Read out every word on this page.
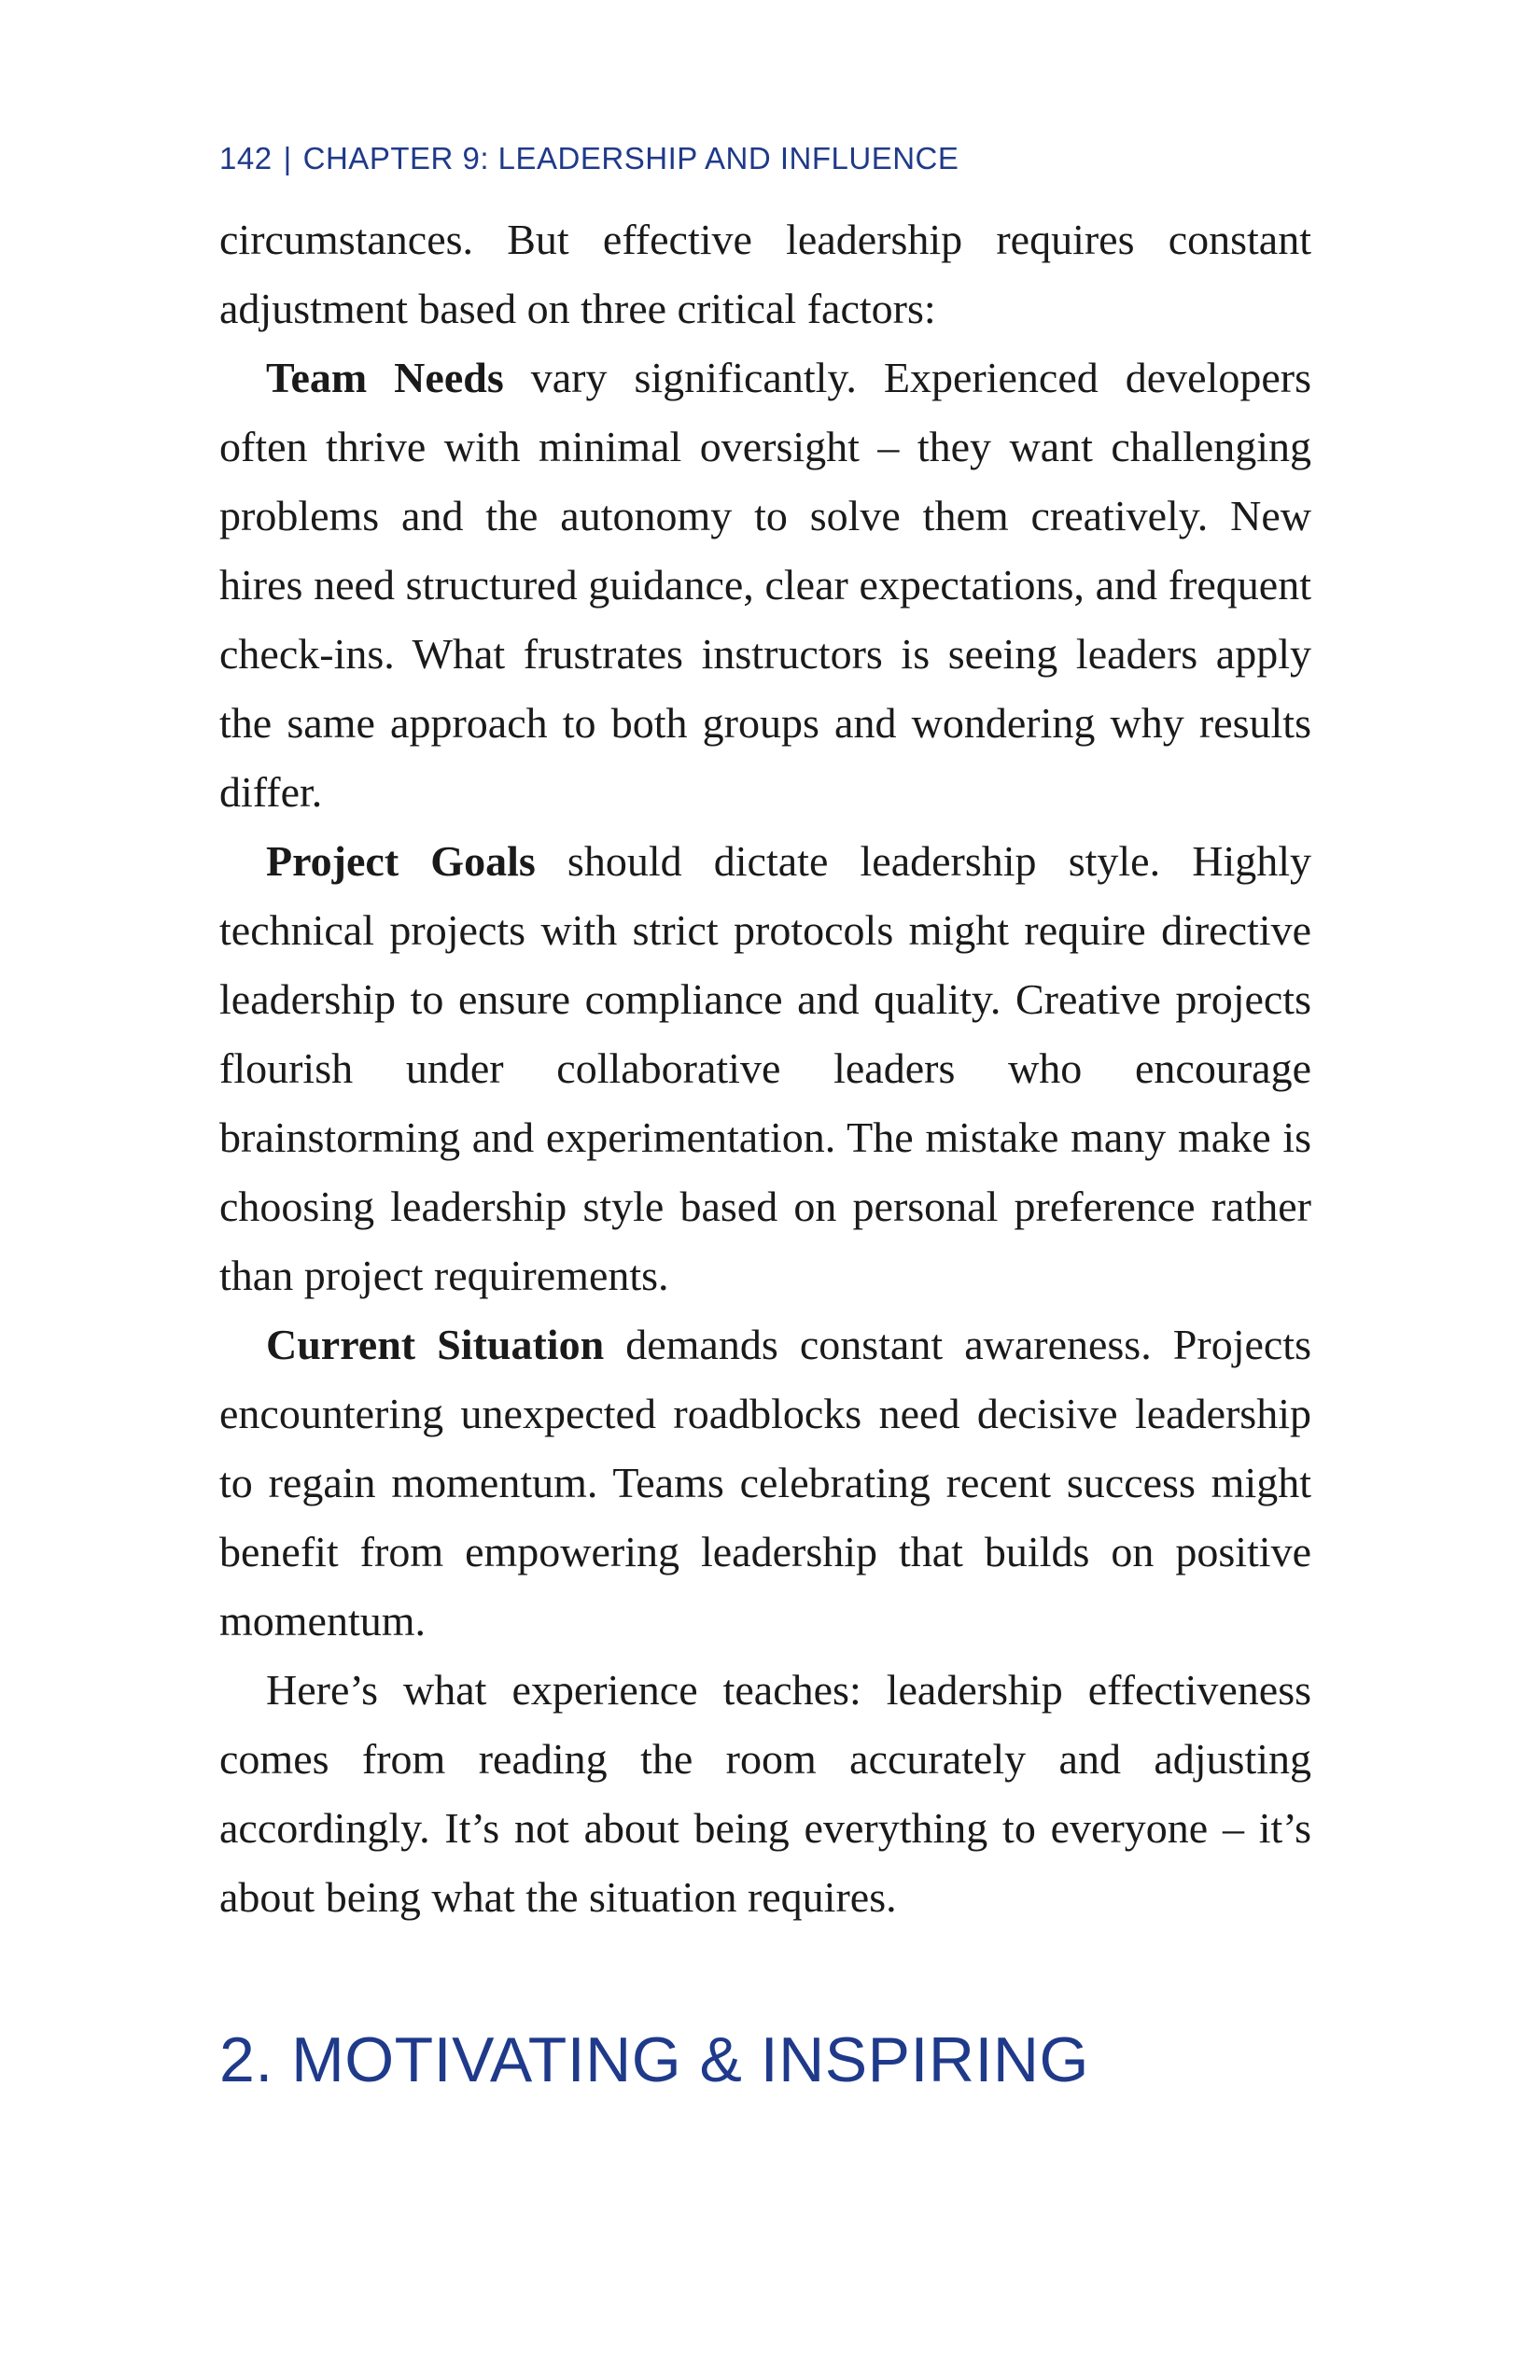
142 | CHAPTER 9: LEADERSHIP AND INFLUENCE

circumstances. But effective leadership requires constant adjustment based on three critical factors:

Team Needs vary significantly. Experienced developers often thrive with minimal oversight – they want challenging problems and the autonomy to solve them creatively. New hires need structured guidance, clear expectations, and frequent check-ins. What frustrates instructors is seeing leaders apply the same approach to both groups and wondering why results differ.

Project Goals should dictate leadership style. Highly technical projects with strict protocols might require directive leadership to ensure compliance and quality. Creative projects flourish under collaborative leaders who encourage brainstorming and experimentation. The mistake many make is choosing leadership style based on personal preference rather than project requirements.

Current Situation demands constant awareness. Projects encountering unexpected roadblocks need decisive leadership to regain momentum. Teams celebrating recent success might benefit from empowering leadership that builds on positive momentum.

Here’s what experience teaches: leadership effectiveness comes from reading the room accurately and adjusting accordingly. It’s not about being everything to everyone – it’s about being what the situation requires.

2. MOTIVATING & INSPIRING
